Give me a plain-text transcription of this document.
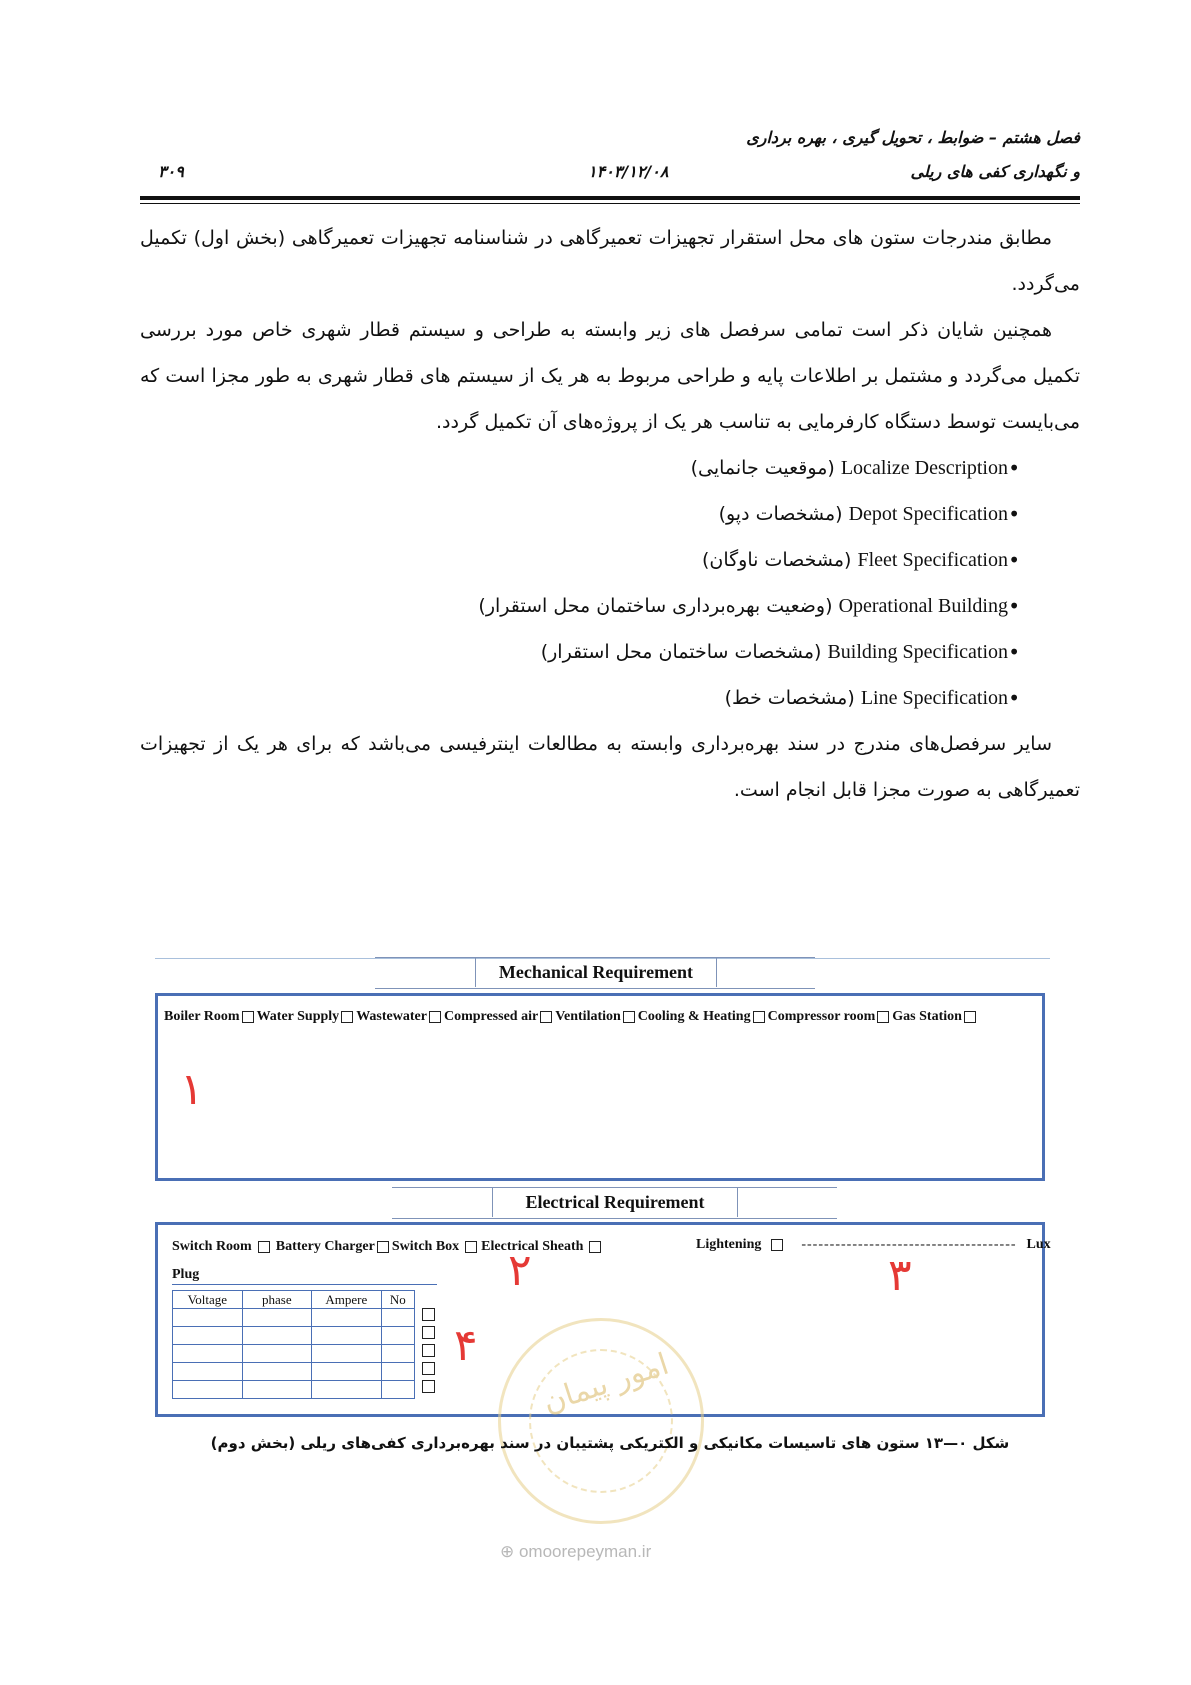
فصل هشتم – ضوابط ، تحویل گیری ، بهره برداری
و نگهداری کفی های ریلی
۱۴۰۳/۱۲/۰۸
۳۰۹

مطابق مندرجات ستون های محل استقرار تجهیزات تعمیرگاهی در شناسنامه تجهیزات تعمیرگاهی (بخش اول) تکمیل می‌گردد.

همچنین شایان ذکر است تمامی سرفصل های زیر وابسته به طراحی و سیستم قطار شهری خاص مورد بررسی تکمیل می‌گردد و مشتمل بر اطلاعات پایه و طراحی مربوط به هر یک از سیستم های قطار شهری به طور مجزا است که می‌بایست توسط دستگاه کارفرمایی به تناسب هر یک از پروژه‌های آن تکمیل گردد.

• Localize Description (موقعیت جانمایی)
• Depot Specification (مشخصات دپو)
• Fleet Specification (مشخصات ناوگان)
• Operational Building (وضعیت بهره‌برداری ساختمان محل استقرار)
• Building Specification (مشخصات ساختمان محل استقرار)
• Line Specification (مشخصات خط)

سایر سرفصل‌های مندرج در سند بهره‌برداری وابسته به مطالعات اینترفیسی می‌باشد که برای هر یک از تجهیزات تعمیرگاهی به صورت مجزا قابل انجام است.

Mechanical Requirement
Boiler Room Water Supply Wastewater Compressed air Ventilation Cooling & Heating Compressor room Gas Station
۱
Electrical Requirement
Switch Room Battery Charger Switch Box Electrical Sheath	Lightening	-------------------------------------- Lux
۲	۳
Plug
Voltage	phase	Ampere	No

۴
امور پیمان
شکل ۰—۱۳ ستون های تاسیسات مکانیکی و الکتریکی پشتیبان در سند بهره‌برداری کفی‌های ریلی (بخش دوم)
⊕ omoorepeyman.ir
